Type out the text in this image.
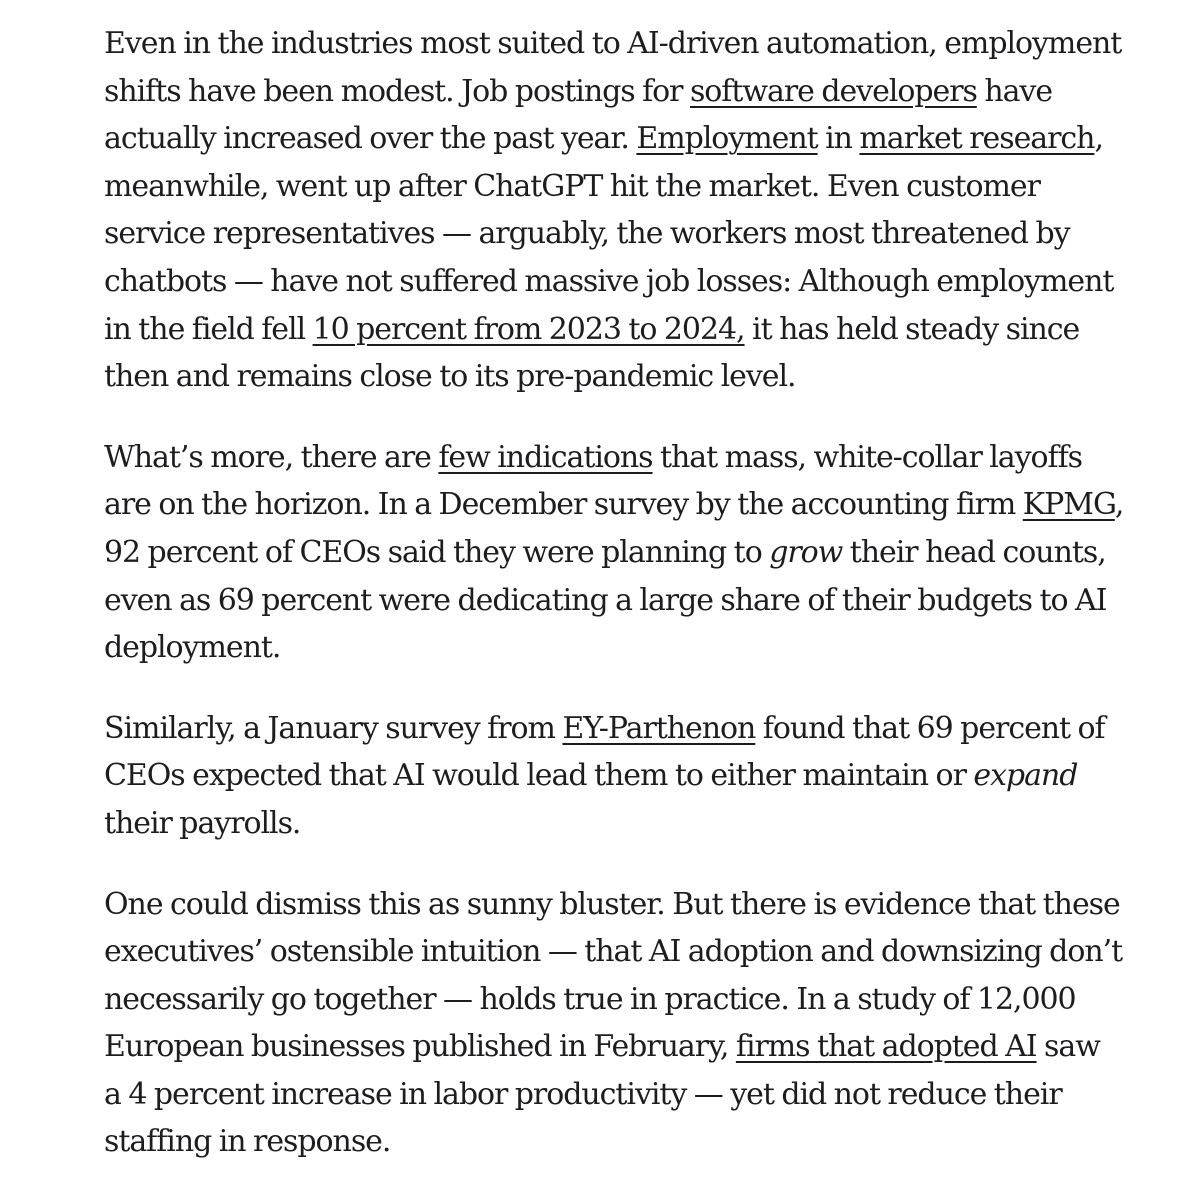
Even in the industries most suited to AI-driven automation, employment shifts have been modest. Job postings for software developers have actually increased over the past year. Employment in market research, meanwhile, went up after ChatGPT hit the market. Even customer service representatives — arguably, the workers most threatened by chatbots — have not suffered massive job losses: Although employment in the field fell 10 percent from 2023 to 2024, it has held steady since then and remains close to its pre-pandemic level.

What’s more, there are few indications that mass, white-collar layoffs are on the horizon. In a December survey by the accounting firm KPMG, 92 percent of CEOs said they were planning to grow their head counts, even as 69 percent were dedicating a large share of their budgets to AI deployment.

Similarly, a January survey from EY-Parthenon found that 69 percent of CEOs expected that AI would lead them to either maintain or expand their payrolls.

One could dismiss this as sunny bluster. But there is evidence that these executives’ ostensible intuition — that AI adoption and downsizing don’t necessarily go together — holds true in practice. In a study of 12,000 European businesses published in February, firms that adopted AI saw a 4 percent increase in labor productivity — yet did not reduce their staffing in response.
